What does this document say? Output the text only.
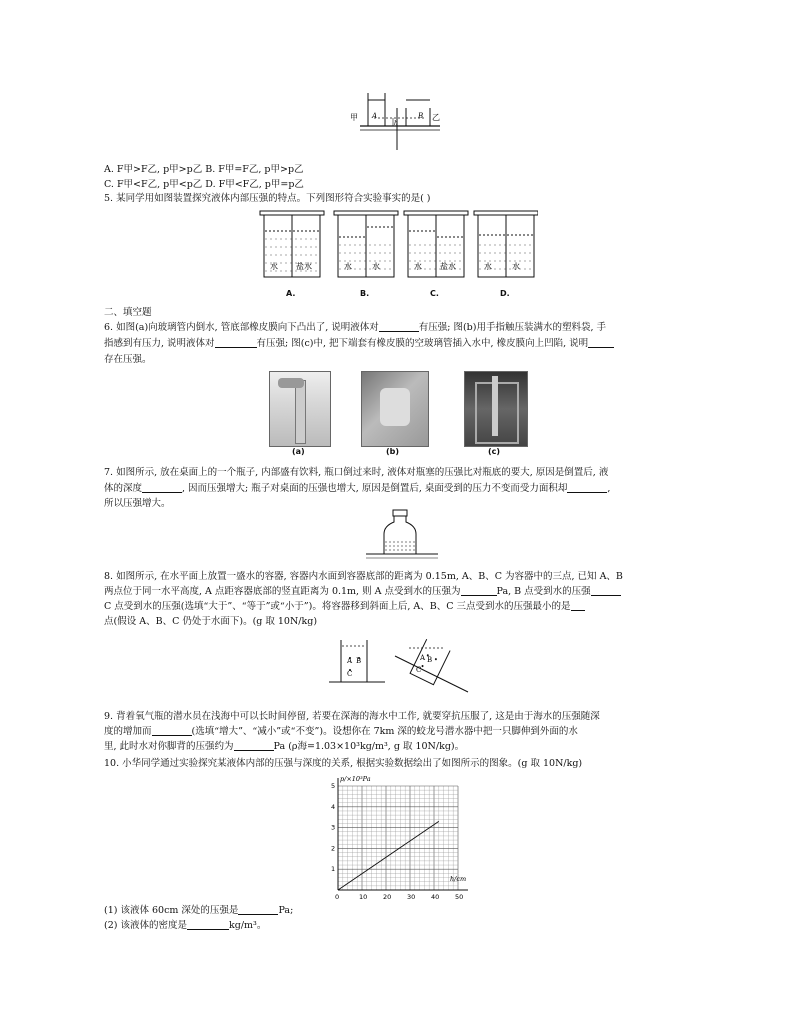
甲	乙
A	B
h
A. F甲>F乙, p甲>p乙 B. F甲=F乙, p甲>p乙
C. F甲<F乙, p甲<p乙 D. F甲<F乙, p甲=p乙
5. 某同学用如图装置探究液体内部压强的特点。下列图形符合实验事实的是( )
水 盐水	水	水	水 盐水	水	水
A.	B.	C.	D.
二、填空题
6. 如图(a)向玻璃管内倒水, 管底部橡皮膜向下凸出了, 说明液体对	有压强; 图(b)用手指触压装满水的塑料袋, 手
指感到有压力, 说明液体对	有压强; 图(c)中, 把下端套有橡皮膜的空玻璃管插入水中, 橡皮膜向上凹陷, 说明
存在压强。
(a)	(b)	(c)
7. 如图所示, 放在桌面上的一个瓶子, 内部盛有饮料, 瓶口倒过来时, 液体对瓶塞的压强比对瓶底的要大, 原因是倒置后, 液
体的深度	, 因而压强增大; 瓶子对桌面的压强也增大, 原因是倒置后, 桌面受到的压力不变而受力面积却	,
所以压强增大。
8. 如图所示, 在水平面上放置一盛水的容器, 容器内水面到容器底部的距离为 0.15m, A、B、C 为容器中的三点, 已知 A、B
两点位于同一水平高度, A 点距容器底部的竖直距离为 0.1m, 则 A 点受到水的压强为	Pa, B 点受到水的压强
C 点受到水的压强(选填“大于”、“等于”或“小于”)。将容器移到斜面上后, A、B、C 三点受到水的压强最小的是
点(假设 A、B、C 仍处于水面下)。(g 取 10N/kg)
A B
C
A B
C
9. 背着氧气瓶的潜水员在浅海中可以长时间停留, 若要在深海的海水中工作, 就要穿抗压服了, 这是由于海水的压强随深
度的增加而	(选填“增大”、“减小”或“不变”)。设想你在 7km 深的蛟龙号潜水器中把一只脚伸到外面的水
里, 此时水对你脚背的压强约为	Pa (ρ海=1.03×10³kg/m³, g 取 10N/kg)。
10. 小华同学通过实验探究某液体内部的压强与深度的关系, 根据实验数据绘出了如图所示的图象。(g 取 10N/kg)
0	10 20 30 40 50
1
2
3
4
5
p/×10³Pa
h/cm
(1) 该液体 60cm 深处的压强是	Pa;
(2) 该液体的密度是	kg/m³。
